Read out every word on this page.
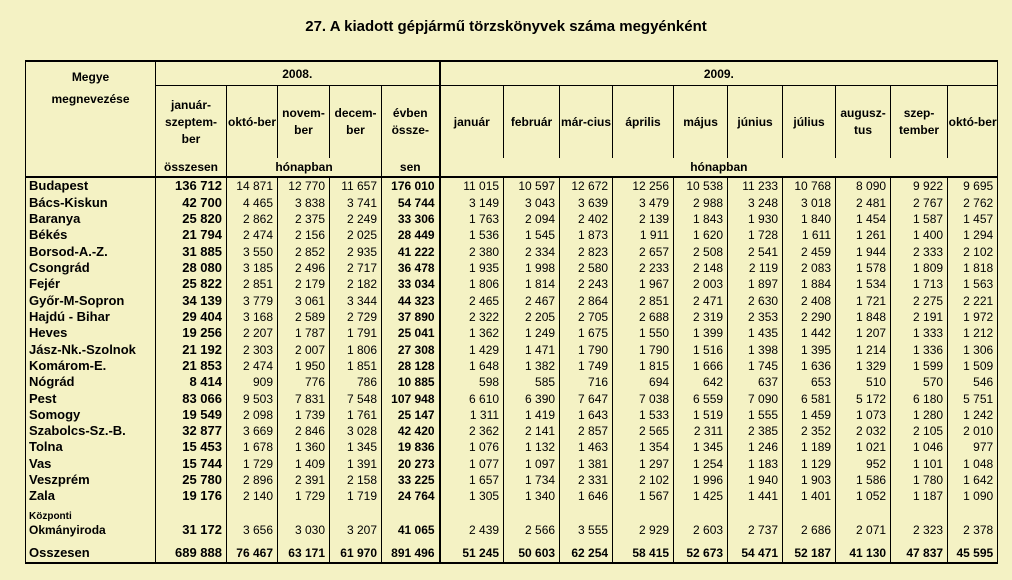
27. A kiadott gépjármű törzskönyvek száma megyénként
Megye
megnevezése	2008.					2009.									
	január-szeptem-ber	októ-ber	novem-ber	decem-ber	évben össze-	január	február	már-cius	április	május	június	július	augusz-tus	szep-tember	októ-ber
	összesen	hónapban			sen	hónapban									
Budapest	136 712	14 871	12 770	11 657	176 010	11 015	10 597	12 672	12 256	10 538	11 233	10 768	8 090	9 922	9 695
Bács-Kiskun	42 700	4 465	3 838	3 741	54 744	3 149	3 043	3 639	3 479	2 988	3 248	3 018	2 481	2 767	2 762
Baranya	25 820	2 862	2 375	2 249	33 306	1 763	2 094	2 402	2 139	1 843	1 930	1 840	1 454	1 587	1 457
Békés	21 794	2 474	2 156	2 025	28 449	1 536	1 545	1 873	1 911	1 620	1 728	1 611	1 261	1 400	1 294
Borsod-A.-Z.	31 885	3 550	2 852	2 935	41 222	2 380	2 334	2 823	2 657	2 508	2 541	2 459	1 944	2 333	2 102
Csongrád	28 080	3 185	2 496	2 717	36 478	1 935	1 998	2 580	2 233	2 148	2 119	2 083	1 578	1 809	1 818
Fejér	25 822	2 851	2 179	2 182	33 034	1 806	1 814	2 243	1 967	2 003	1 897	1 884	1 534	1 713	1 563
Győr-M-Sopron	34 139	3 779	3 061	3 344	44 323	2 465	2 467	2 864	2 851	2 471	2 630	2 408	1 721	2 275	2 221
Hajdú - Bihar	29 404	3 168	2 589	2 729	37 890	2 322	2 205	2 705	2 688	2 319	2 353	2 290	1 848	2 191	1 972
Heves	19 256	2 207	1 787	1 791	25 041	1 362	1 249	1 675	1 550	1 399	1 435	1 442	1 207	1 333	1 212
Jász-Nk.-Szolnok	21 192	2 303	2 007	1 806	27 308	1 429	1 471	1 790	1 790	1 516	1 398	1 395	1 214	1 336	1 306
Komárom-E.	21 853	2 474	1 950	1 851	28 128	1 648	1 382	1 749	1 815	1 666	1 745	1 636	1 329	1 599	1 509
Nógrád	8 414	909	776	786	10 885	598	585	716	694	642	637	653	510	570	546
Pest	83 066	9 503	7 831	7 548	107 948	6 610	6 390	7 647	7 038	6 559	7 090	6 581	5 172	6 180	5 751
Somogy	19 549	2 098	1 739	1 761	25 147	1 311	1 419	1 643	1 533	1 519	1 555	1 459	1 073	1 280	1 242
Szabolcs-Sz.-B.	32 877	3 669	2 846	3 028	42 420	2 362	2 141	2 857	2 565	2 311	2 385	2 352	2 032	2 105	2 010
Tolna	15 453	1 678	1 360	1 345	19 836	1 076	1 132	1 463	1 354	1 345	1 246	1 189	1 021	1 046	977
Vas	15 744	1 729	1 409	1 391	20 273	1 077	1 097	1 381	1 297	1 254	1 183	1 129	952	1 101	1 048
Veszprém	25 780	2 896	2 391	2 158	33 225	1 657	1 734	2 331	2 102	1 996	1 940	1 903	1 586	1 780	1 642
Zala	19 176	2 140	1 729	1 719	24 764	1 305	1 340	1 646	1 567	1 425	1 441	1 401	1 052	1 187	1 090

Központi
Okmányiroda	31 172	3 656	3 030	3 207	41 065	2 439	2 566	3 555	2 929	2 603	2 737	2 686	2 071	2 323	2 378

Osszesen	689 888	76 467	63 171	61 970	891 496	51 245	50 603	62 254	58 415	52 673	54 471	52 187	41 130	47 837	45 595
